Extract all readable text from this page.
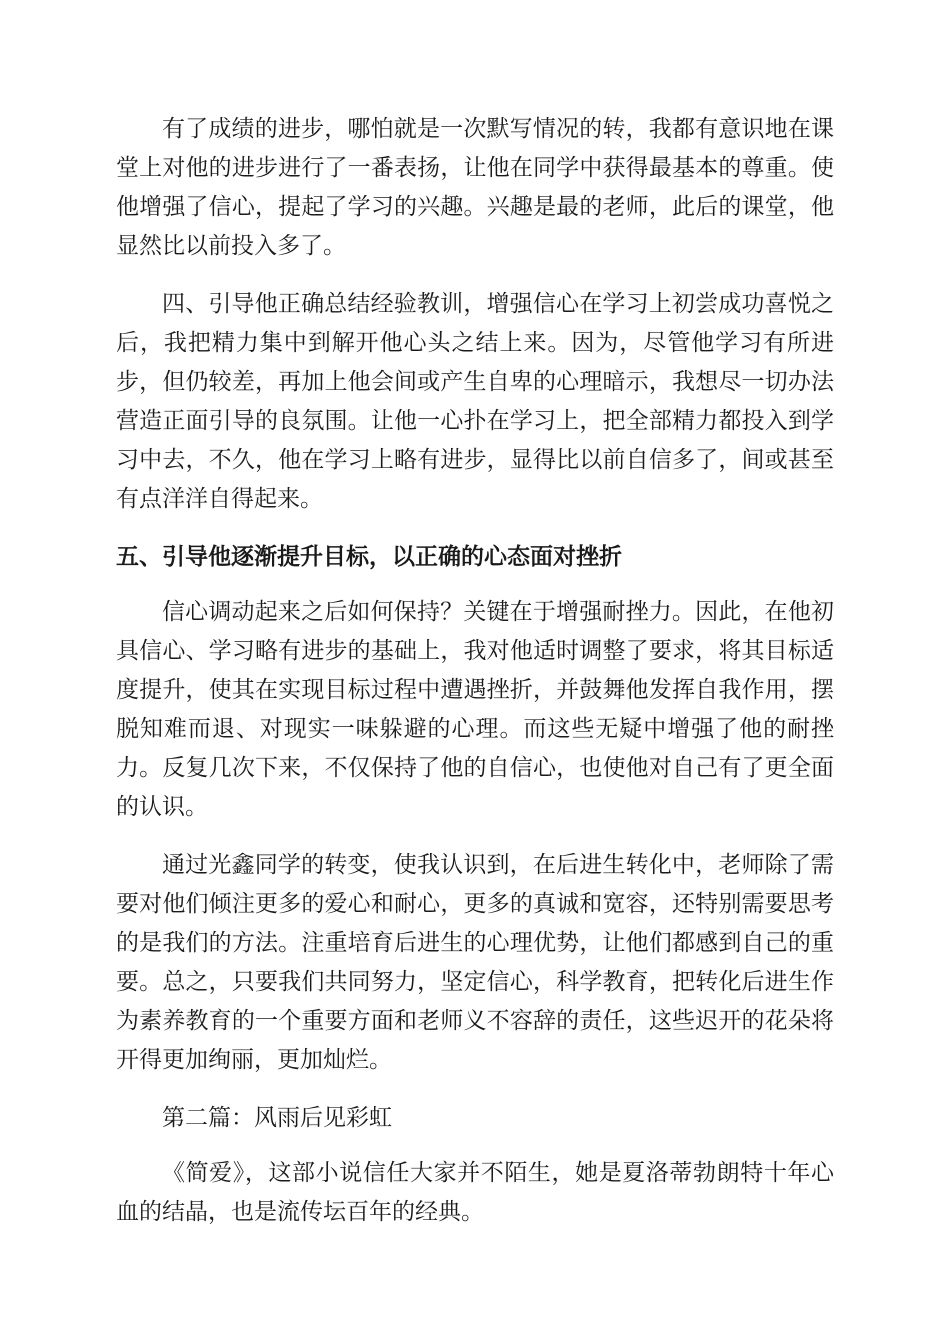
有了成绩的进步，哪怕就是一次默写情况的转，我都有意识地在课堂上对他的进步进行了一番表扬，让他在同学中获得最基本的尊重。使他增强了信心，提起了学习的兴趣。兴趣是最的老师，此后的课堂，他显然比以前投入多了。

四、引导他正确总结经验教训，增强信心在学习上初尝成功喜悦之后，我把精力集中到解开他心头之结上来。因为，尽管他学习有所进步，但仍较差，再加上他会间或产生自卑的心理暗示，我想尽一切办法营造正面引导的良氛围。让他一心扑在学习上，把全部精力都投入到学习中去，不久，他在学习上略有进步，显得比以前自信多了，间或甚至有点洋洋自得起来。

五、引导他逐渐提升目标，以正确的心态面对挫折

信心调动起来之后如何保持？关键在于增强耐挫力。因此，在他初具信心、学习略有进步的基础上，我对他适时调整了要求，将其目标适度提升，使其在实现目标过程中遭遇挫折，并鼓舞他发挥自我作用，摆脱知难而退、对现实一味躲避的心理。而这些无疑中增强了他的耐挫力。反复几次下来，不仅保持了他的自信心，也使他对自己有了更全面的认识。

通过光鑫同学的转变，使我认识到，在后进生转化中，老师除了需要对他们倾注更多的爱心和耐心，更多的真诚和宽容，还特别需要思考的是我们的方法。注重培育后进生的心理优势，让他们都感到自己的重要。总之，只要我们共同努力，坚定信心，科学教育，把转化后进生作为素养教育的一个重要方面和老师义不容辞的责任，这些迟开的花朵将开得更加绚丽，更加灿烂。

第二篇：风雨后见彩虹

《简爱》，这部小说信任大家并不陌生，她是夏洛蒂勃朗特十年心血的结晶，也是流传坛百年的经典。
